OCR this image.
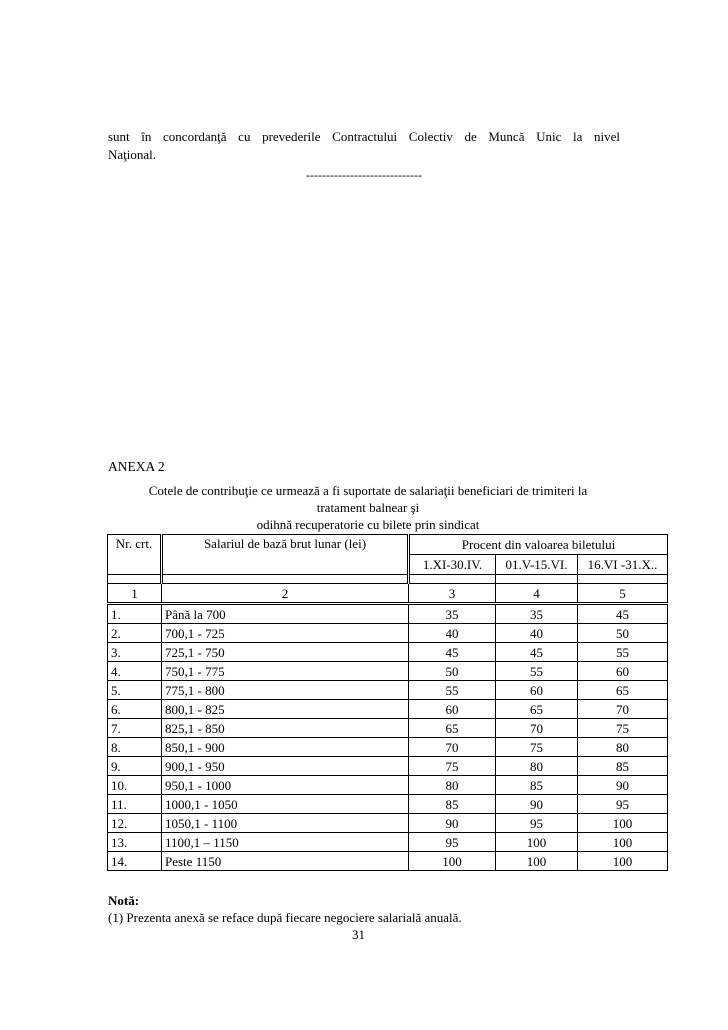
sunt în concordanţă cu prevederile Contractului Colectiv de Muncă Unic la nivel
Naţional.
-----------------------------
ANEXA 2
Cotele de contribuţie ce urmează a fi suportate de salariaţii beneficiari de trimiteri la
tratament balnear şi
odihnă recuperatorie cu bilete prin sindicat
Nr. crt.	Salariul de bază brut lunar (lei)	Procent din valoarea biletului		
		1.XI-30.IV.	01.V-15.VI.	16.VI -31.X..

1	2	3	4	5
1.	Până la 700	35	35	45
2.	700,1 - 725	40	40	50
3.	725,1 - 750	45	45	55
4.	750,1 - 775	50	55	60
5.	775,1 - 800	55	60	65
6.	800,1 - 825	60	65	70
7.	825,1 - 850	65	70	75
8.	850,1 - 900	70	75	80
9.	900,1 - 950	75	80	85
10.	950,1 - 1000	80	85	90
11.	1000,1 - 1050	85	90	95
12.	1050,1 - 1100	90	95	100
13.	1100,1 – 1150	95	100	100
14.	Peste 1150	100	100	100
Notă:
(1) Prezenta anexă se reface după fiecare negociere salarială anuală.
31
